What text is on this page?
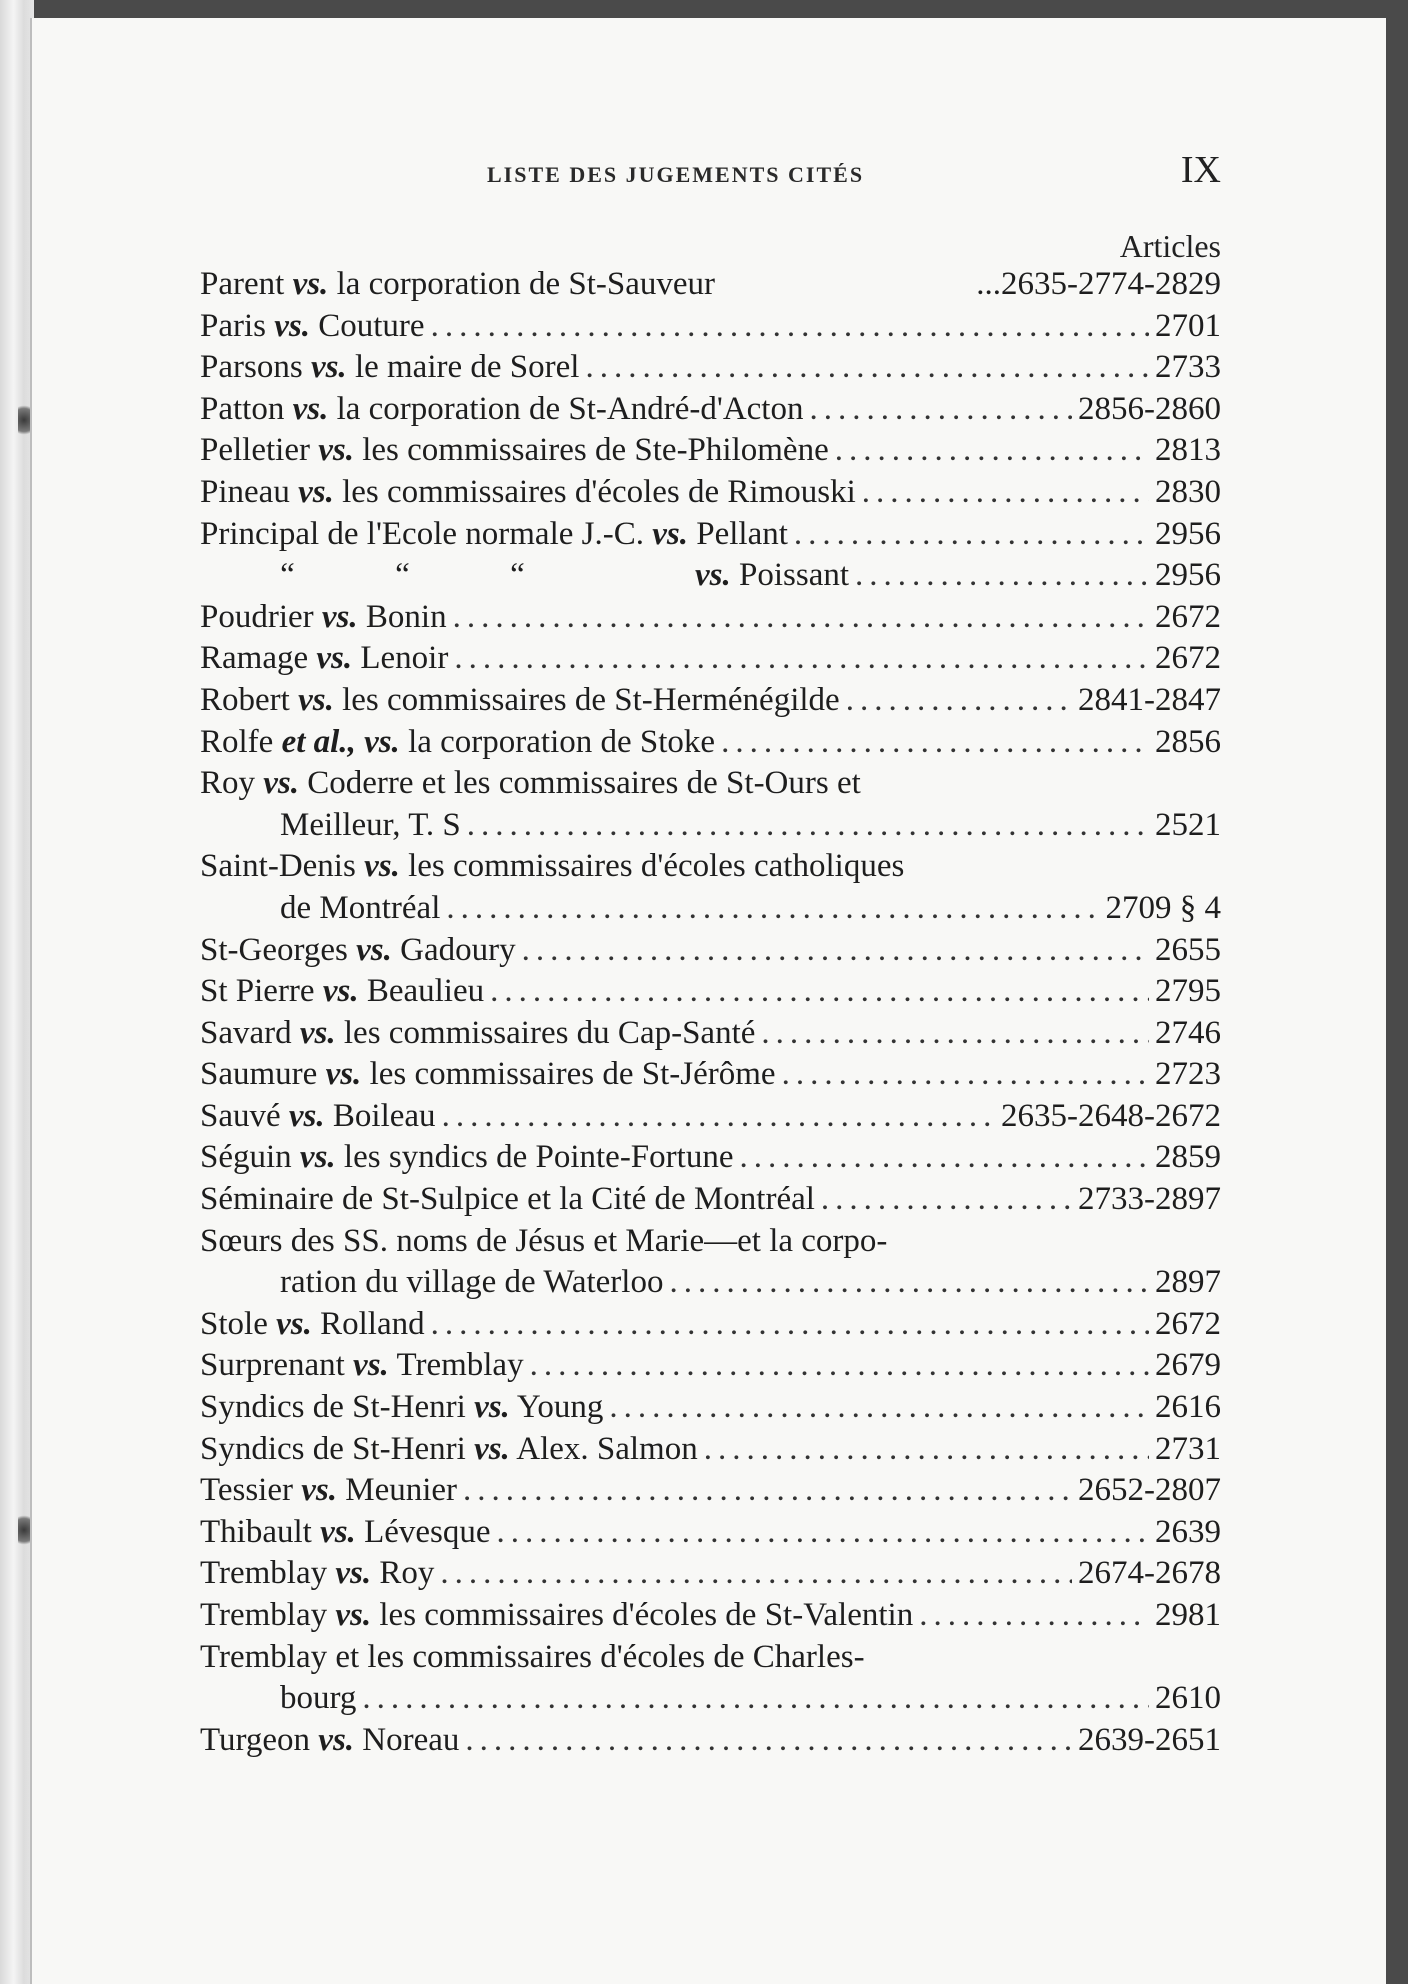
LISTE DES JUGEMENTS CITÉS	IX
Articles
Parent vs. la corporation de St-Sauveur	...2635-2774-2829
Paris vs. Couture .....	2701
Parsons vs. le maire de Sorel .....	2733
Patton vs. la corporation de St-André-d'Acton .....	2856-2860
Pelletier vs. les commissaires de Ste-Philomène .....	2813
Pineau vs. les commissaires d'écoles de Rimouski .....	2830
Principal de l'Ecole normale J.-C. vs. Pellant .....	2956
“	“	“	vs. Poissant .....	2956
Poudrier vs. Bonin .....	2672
Ramage vs. Lenoir .....	2672
Robert vs. les commissaires de St-Herménégilde .....	2841-2847
Rolfe et al., vs. la corporation de Stoke .....	2856
Roy vs. Coderre et les commissaires de St-Ours et
Meilleur, T. S .....	2521
Saint-Denis vs. les commissaires d'écoles catholiques
de Montréal .....	2709 § 4
St-Georges vs. Gadoury .....	2655
St Pierre vs. Beaulieu .....	2795
Savard vs. les commissaires du Cap-Santé .....	2746
Saumure vs. les commissaires de St-Jérôme .....	2723
Sauvé vs. Boileau .....	2635-2648-2672
Séguin vs. les syndics de Pointe-Fortune .....	2859
Séminaire de St-Sulpice et la Cité de Montréal .....	2733-2897
Sœurs des SS. noms de Jésus et Marie—et la corpo-
ration du village de Waterloo .....	2897
Stole vs. Rolland .....	2672
Surprenant vs. Tremblay .....	2679
Syndics de St-Henri vs. Young .....	2616
Syndics de St-Henri vs. Alex. Salmon .....	2731
Tessier vs. Meunier .....	2652-2807
Thibault vs. Lévesque .....	2639
Tremblay vs. Roy .....	2674-2678
Tremblay vs. les commissaires d'écoles de St-Valentin .....	2981
Tremblay et les commissaires d'écoles de Charles-
bourg .....	2610
Turgeon vs. Noreau .....	2639-2651
